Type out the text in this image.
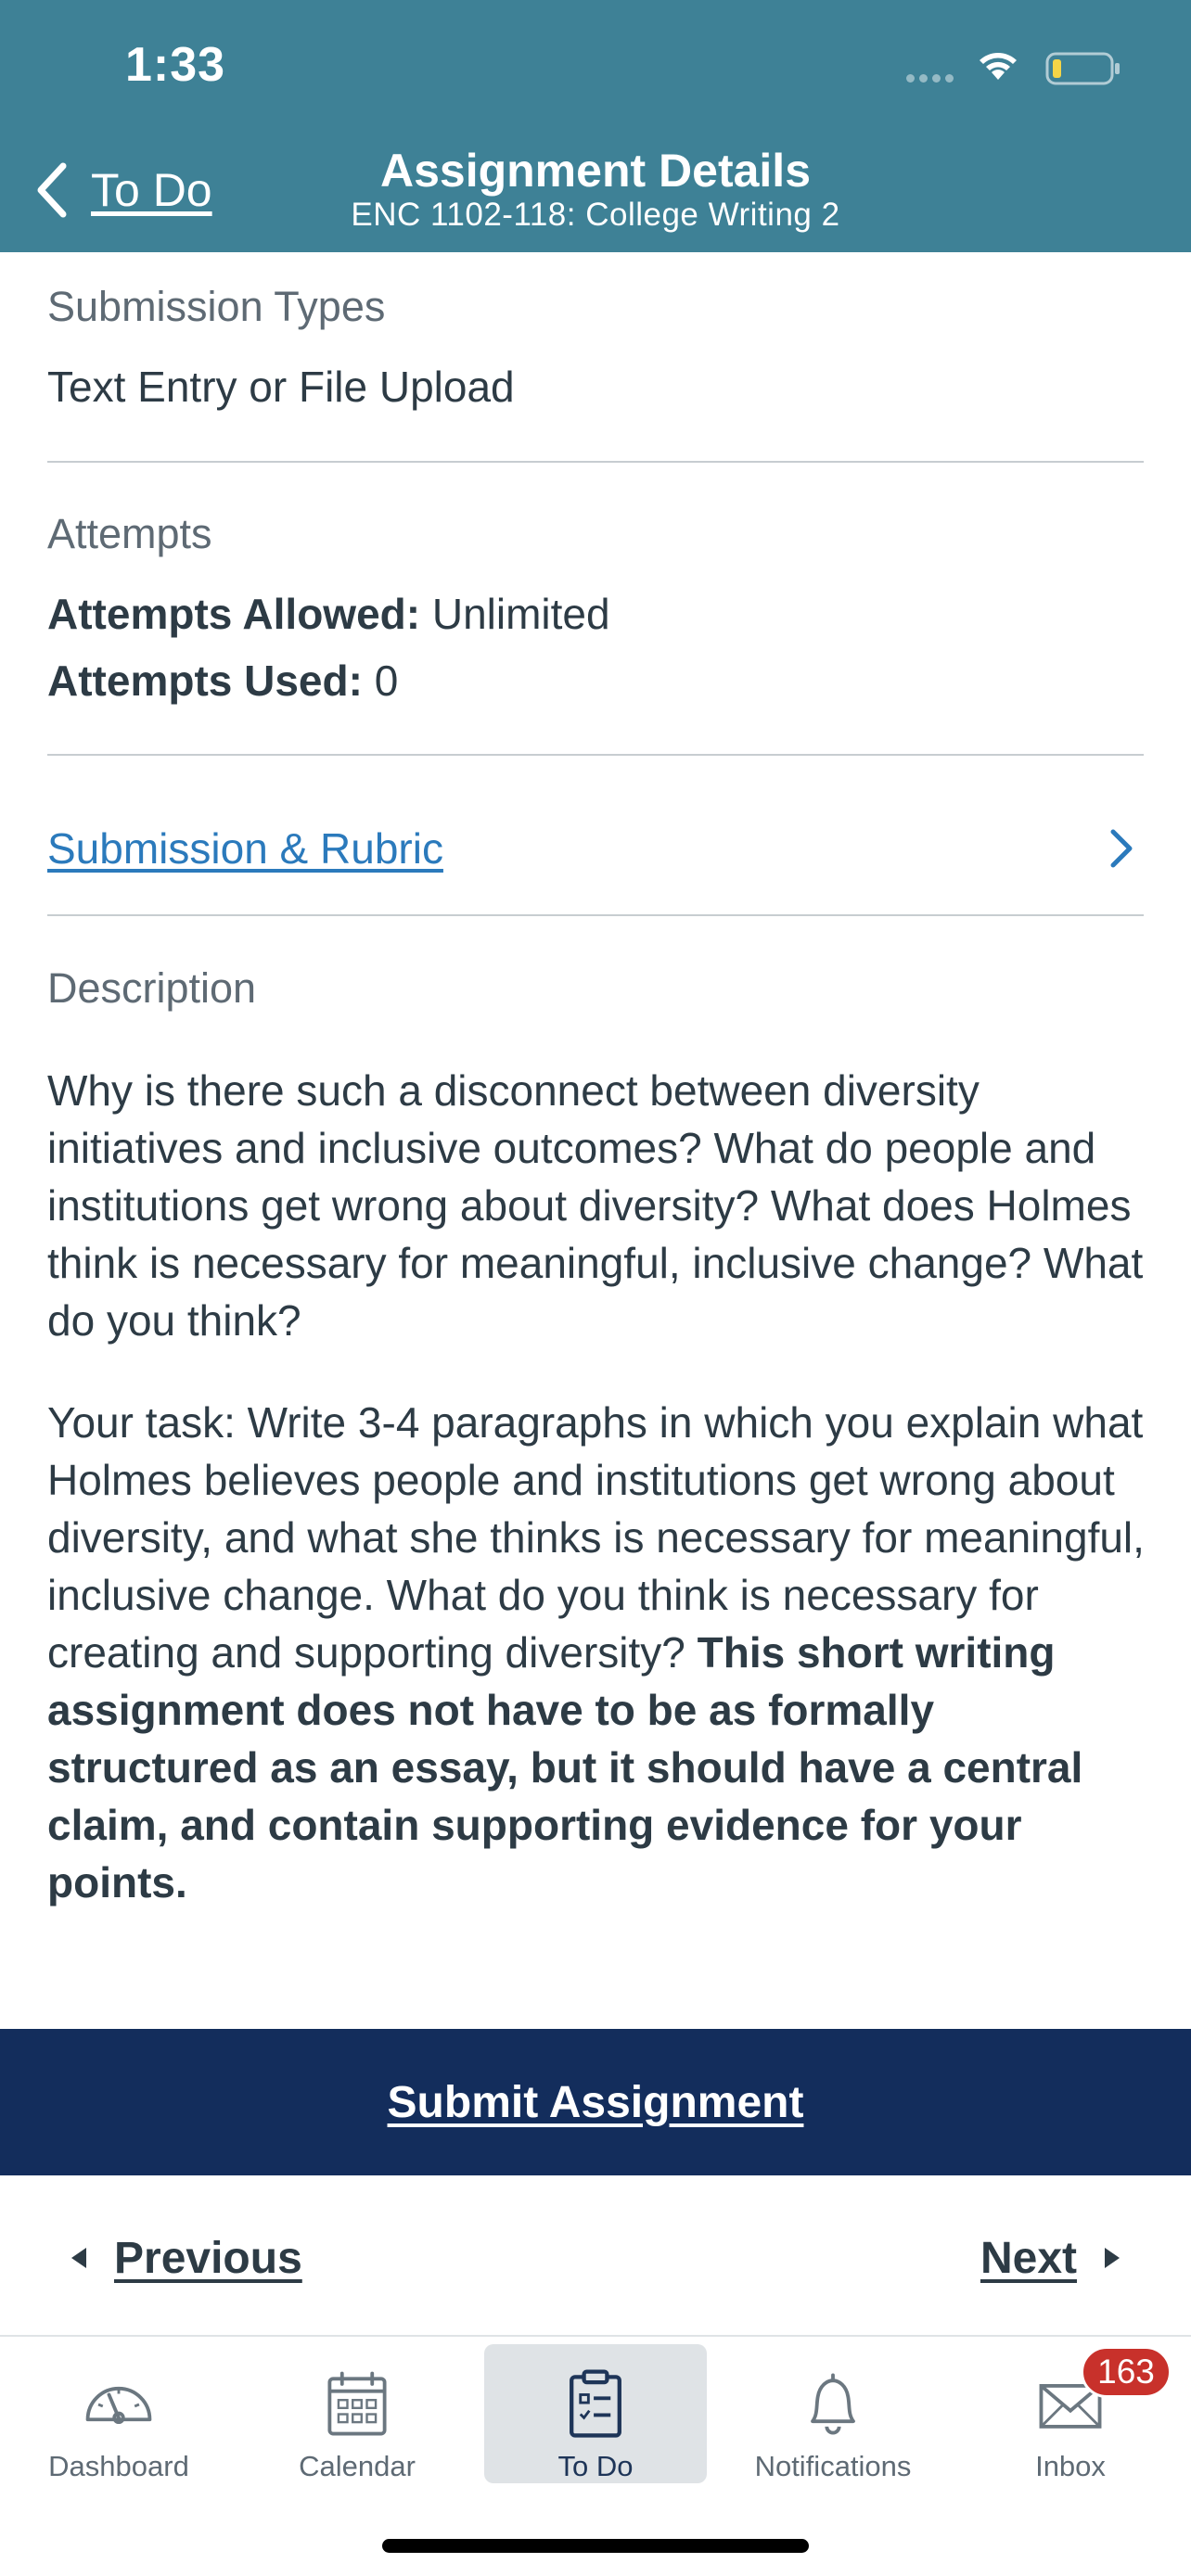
1:33
To Do	Assignment Details
ENC 1102-118: College Writing 2
Submission Types
Text Entry or File Upload
Attempts
Attempts Allowed: Unlimited
Attempts Used: 0
Submission & Rubric
Description

Why is there such a disconnect between diversity initiatives and inclusive outcomes? What do people and institutions get wrong about diversity? What does Holmes think is necessary for meaningful, inclusive change? What do you think?

Your task: Write 3-4 paragraphs in which you explain what Holmes believes people and institutions get wrong about diversity, and what she thinks is necessary for meaningful, inclusive change. What do you think is necessary for creating and supporting diversity? This short writing assignment does not have to be as formally structured as an essay, but it should have a central claim, and contain supporting evidence for your points.

Submit Assignment
Previous	Next
Dashboard	Calendar	To Do	Notifications	Inbox
163
